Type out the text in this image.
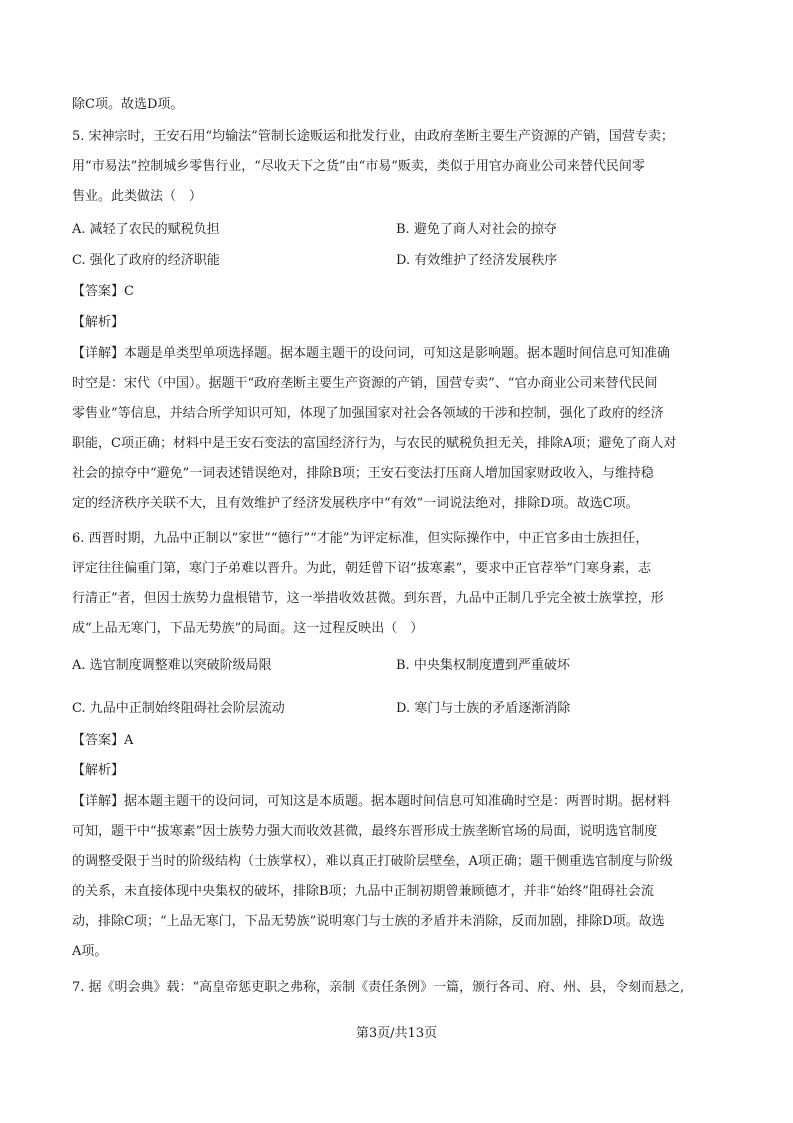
除C项。故选D项。
5. 宋神宗时，王安石用“均输法”管制长途贩运和批发行业，由政府垄断主要生产资源的产销，国营专卖；
用“市易法”控制城乡零售行业，“尽收天下之货”由“市易”贩卖，类似于用官办商业公司来替代民间零
售业。此类做法（　）
A. 减轻了农民的赋税负担	B. 避免了商人对社会的掠夺
C. 强化了政府的经济职能	D. 有效维护了经济发展秩序
【答案】C
【解析】
【详解】本题是单类型单项选择题。据本题主题干的设问词，可知这是影响题。据本题时间信息可知准确
时空是：宋代（中国）。据题干“政府垄断主要生产资源的产销，国营专卖”、“官办商业公司来替代民间
零售业”等信息，并结合所学知识可知，体现了加强国家对社会各领域的干涉和控制，强化了政府的经济
职能，C项正确；材料中是王安石变法的富国经济行为，与农民的赋税负担无关，排除A项；避免了商人对
社会的掠夺中“避免”一词表述错误绝对，排除B项；王安石变法打压商人增加国家财政收入，与维持稳
定的经济秩序关联不大，且有效维护了经济发展秩序中“有效”一词说法绝对，排除D项。故选C项。
6. 西晋时期，九品中正制以“家世”“德行”“才能”为评定标准，但实际操作中，中正官多由士族担任，
评定往往偏重门第，寒门子弟难以晋升。为此，朝廷曾下诏“拔寒素”，要求中正官荐举“门寒身素，志
行清正”者，但因士族势力盘根错节，这一举措收效甚微。到东晋，九品中正制几乎完全被士族掌控，形
成“上品无寒门，下品无势族”的局面。这一过程反映出（　）
A. 选官制度调整难以突破阶级局限	B. 中央集权制度遭到严重破坏
C. 九品中正制始终阻碍社会阶层流动	D. 寒门与士族的矛盾逐渐消除
【答案】A
【解析】
【详解】据本题主题干的设问词，可知这是本质题。据本题时间信息可知准确时空是：两晋时期。据材料
可知，题干中“拔寒素”因士族势力强大而收效甚微，最终东晋形成士族垄断官场的局面，说明选官制度
的调整受限于当时的阶级结构（士族掌权），难以真正打破阶层壁垒，A项正确；题干侧重选官制度与阶级
的关系，未直接体现中央集权的破坏，排除B项；九品中正制初期曾兼顾德才，并非“始终”阻碍社会流
动，排除C项；“上品无寒门，下品无势族”说明寒门与士族的矛盾并未消除，反而加剧，排除D项。故选
A项。
7. 据《明会典》载：“高皇帝惩吏职之弗称，亲制《责任条例》一篇，颁行各司、府、州、县，令刻而悬之,
第3页/共13页
